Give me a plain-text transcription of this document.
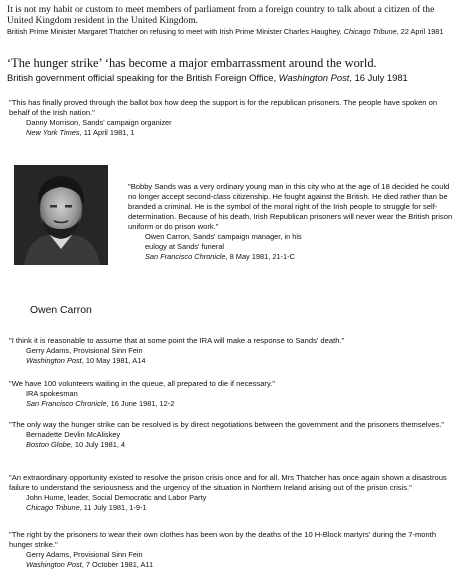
It is not my habit or custom to meet members of parliament from a foreign country to talk about a citizen of the United Kingdom resident in the United Kingdom.

British Prime Minister Margaret Thatcher on refusing to meet with Irish Prime Minister Charles Haughey. Chicago Tribune, 22 April 1981

‘The hunger strike’ ‘has become a major embarrassment around the world.

British government official speaking for the British Foreign Office, Washington Post, 16 July 1981

"This has finally proved through the ballot box how deep the support is for the republican prisoners. The people have spoken on behalf of the Irish nation."

Danny Morrison, Sands' campaign organizer

New York Times, 11 April 1981, 1

Owen Carron

"Bobby Sands was a very ordinary young man in this city who at the age of 18 decided he could no longer accept second-class citizenship. He fought against the British. He died rather than be branded a criminal. He is the symbol of the moral right of the Irish people to struggle for self-determination. Because of his death, Irish Republican prisoners will never wear the British prison uniform or do prison work."

Owen Carron, Sands' campaign manager, in his eulogy at Sands' funeral

San Francisco Chronicle, 8 May 1981, 21-1-C

"I think it is reasonable to assume that at some point the IRA will make a response to Sands' death."

Gerry Adams, Provisional Sinn Fein

Washington Post, 10 May 1981, A14

"We have 100 volunteers waiting in the queue, all prepared to die if necessary."

IRA spokesman

San Francisco Chronicle, 16 June 1981, 12-2

"The only way the hunger strike can be resolved is by direct negotiations between the government and the prisoners themselves."

Bernadette Devlin McAliskey

Boston Globe, 10 July 1981, 4

"An extraordinary opportunity existed to resolve the prison crisis once and for all. Mrs Thatcher has once again shown a disastrous failure to understand the seriousness and the urgency of the situation in Northern Ireland arising out of the prison crisis."

John Hume, leader, Social Democratic and Labor Party

Chicago Tribune, 11 July 1981, 1-9-1

"The right by the prisoners to wear their own clothes has been won by the deaths of the 10 H-Block martyrs' during the 7-month hunger strike."

Gerry Adams, Provisional Sinn Fein

Washington Post, 7 October 1981, A11
